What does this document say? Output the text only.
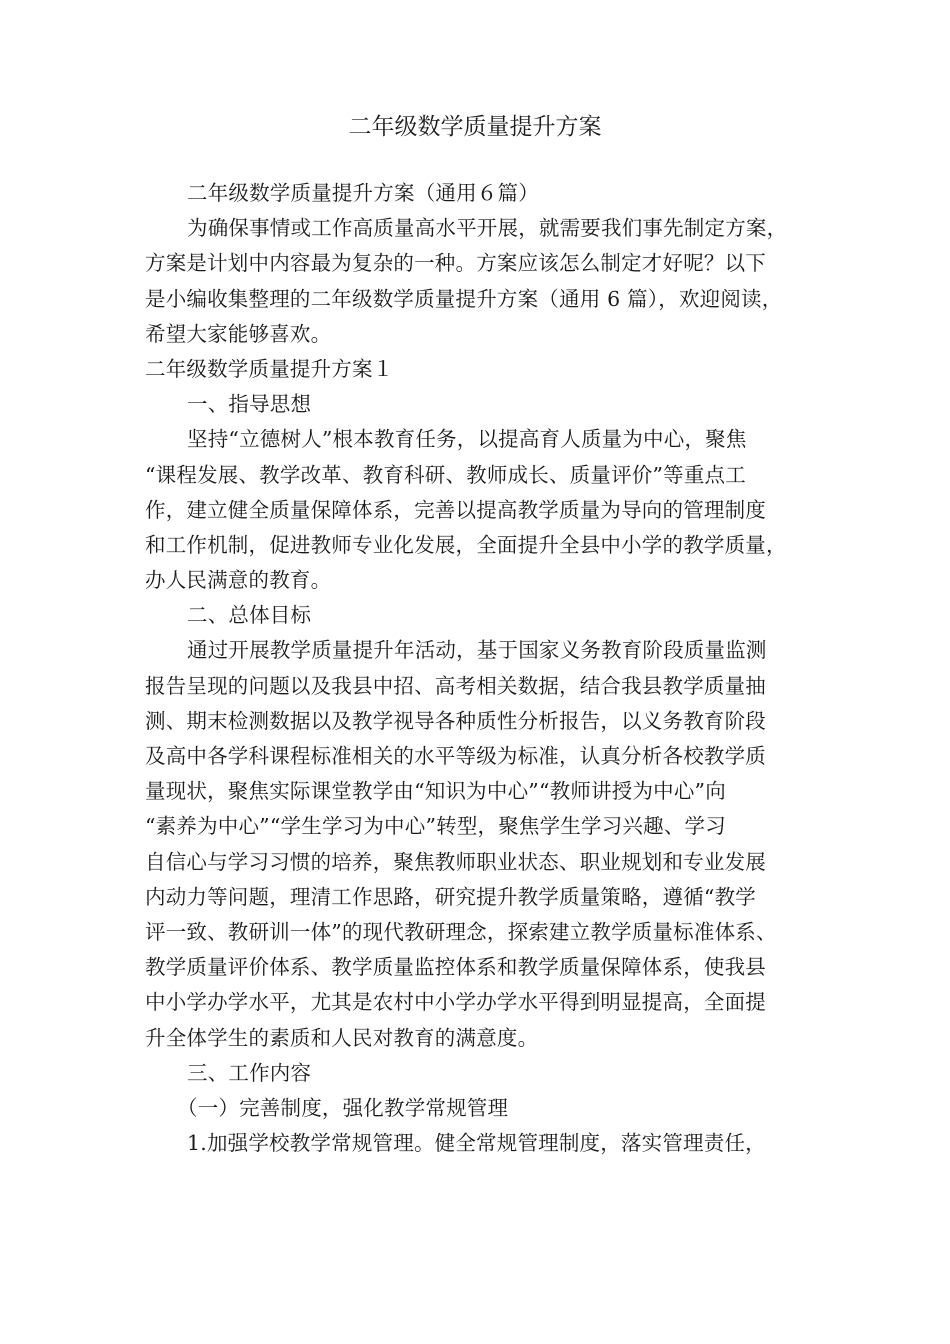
二年级数学质量提升方案
二年级数学质量提升方案（通用６篇）
为确保事情或工作高质量高水平开展，就需要我们事先制定方案，
方案是计划中内容最为复杂的一种。方案应该怎么制定才好呢？以下
是小编收集整理的二年级数学质量提升方案（通用 6 篇），欢迎阅读，
希望大家能够喜欢。
二年级数学质量提升方案１
一、指导思想
坚持“立德树人”根本教育任务，以提高育人质量为中心，聚焦
“课程发展、教学改革、教育科研、教师成长、质量评价”等重点工
作，建立健全质量保障体系，完善以提高教学质量为导向的管理制度
和工作机制，促进教师专业化发展，全面提升全县中小学的教学质量，
办人民满意的教育。
二、总体目标
通过开展教学质量提升年活动，基于国家义务教育阶段质量监测
报告呈现的问题以及我县中招、高考相关数据，结合我县教学质量抽
测、期末检测数据以及教学视导各种质性分析报告，以义务教育阶段
及高中各学科课程标准相关的水平等级为标准，认真分析各校教学质
量现状，聚焦实际课堂教学由“知识为中心”“教师讲授为中心”向
“素养为中心”“学生学习为中心”转型，聚焦学生学习兴趣、学习
自信心与学习习惯的培养，聚焦教师职业状态、职业规划和专业发展
内动力等问题，理清工作思路，研究提升教学质量策略，遵循“教学
评一致、教研训一体”的现代教研理念，探索建立教学质量标准体系、
教学质量评价体系、教学质量监控体系和教学质量保障体系，使我县
中小学办学水平，尤其是农村中小学办学水平得到明显提高，全面提
升全体学生的素质和人民对教育的满意度。
三、工作内容
（一）完善制度，强化教学常规管理
1.加强学校教学常规管理。健全常规管理制度，落实管理责任，
